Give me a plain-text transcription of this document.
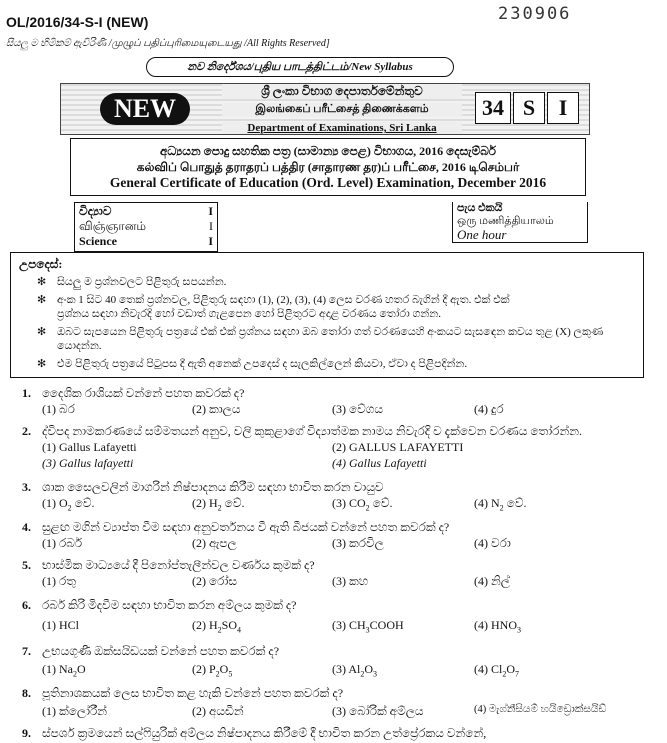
230906
OL/2016/34-S-I (NEW)
සියලු ම හිමිකම් ඇවිරිණි /முழுப் பதிப்புரிமையுடையது /All Rights Reserved]
නව නිර්දේශය/புதிய பாடத்திட்டம்/New Syllabus
NEW
ශ්‍රී ලංකා විභාග දෙපාර්තමේන්තුව
இலங்கைப் பரீட்சைத் திணைக்களம்
Department of Examinations, Sri Lanka
34 S	I
අධ්‍යයන පොදු සහතික පත්‍ර (සාමාන්‍ය පෙළ) විභාගය, 2016 දෙසැම්බර්
கல்விப் பொதுத் தராதரப் பத்திர (சாதாரண தர)ப் பரீட்சை, 2016 டிசெம்பர்
General Certificate of Education (Ord. Level) Examination, December 2016
විද්‍යාව	I
விஞ்ஞானம்	I
Science	I
පැය එකයි
ஒரு மணித்தியாலம்
One hour
උපදෙස්:
✻ සියලු ම ප්‍රශ්නවලට පිළිතුරු සපයන්න.
✻ අංක 1 සිට 40 තෙක් ප්‍රශ්නවල, පිළිතුරු සඳහා (1), (2), (3), (4) ලෙස වරණ හතර බැගින් දී ඇත. එක් එක්
ප්‍රශ්නය සඳහා නිවැරදි හෝ වඩාත් ගැළපෙන හෝ පිළිතුරට අදාළ වරණය තෝරා ගන්න.
✻ ඔබට සැපයෙන පිළිතුරු පත්‍රයේ එක් එක් ප්‍රශ්නය සඳහා ඔබ තෝරා ගත් වරණයෙහි අංකයට සැසඳෙන කවය තුළ (X) ලකුණ
යොදන්න.
✻ එම පිළිතුරු පත්‍රයේ පිටුපස දී ඇති අනෙක් උපදෙස් ද සැලකිල්ලෙන් කියවා, ඒවා ද පිළිපදින්න.
1. දෛශික රාශියක් වන්නේ පහත කවරක් ද?
(1) බර	(2) කාලය	(3) වේගය	(4) දුර
2. ද්විපද නාමකරණයේ සම්මතයන් අනුව, වලි කුකුළාගේ විද්‍යාත්මක නාමය නිවැරදි ව දැක්වෙන වරණය තෝරන්න.
(1) Gallus Lafayetti	(2) GALLUS LAFAYETTI
(3) Gallus lafayetti	(4) Gallus Lafayetti
3. ශාක සෛලවලින් මාගරින් නිෂ්පාදනය කිරීම සඳහා භාවිත කරන වායුව
(1) $O_2$ වේ.	(2) $H_2$ වේ.	(3) $CO_2$ වේ.	(4) $N_2$ වේ.
4. සුළඟ මගින් ව්‍යාප්ත වීම සඳහා අනුවර්තනය වී ඇති බීජයක් වන්නේ පහත කවරක් ද?
(1) රබර්	(2) ඇපල	(3) කරවිල	(4) වරා
5. භාස්මික මාධ්‍යයේ දී පිනෝප්තැලීන්වල වර්ණය කුමක් ද?
(1) රතු	(2) රෝස	(3) කහ	(4) නිල්
6. රබර් කිරි මිදවීම සඳහා භාවිත කරන අම්ලය කුමක් ද?
(1) HCl	(2) $H_2SO_4$	(3) $CH_3COOH$	(4) $HNO_3$
7. උභයගුණී ඔක්සයිඩයක් වන්නේ පහත කවරක් ද?
(1) $Na_2O$	(2) $P_2O_5$	(3) $Al_2O_3$	(4) $Cl_2O_7$
8. පූතිනාශකයක් ලෙස භාවිත කළ හැකි වන්නේ පහත කවරක් ද?
(1) ක්ලෝරීන්	(2) අයඩීන්	(3) බෝරික් අම්ලය	(4) මැග්නීසියම් හයිඩ්‍රොක්සයිඩ්
9. ස්පර්ශ ක්‍රමයෙන් සල්ෆියුරික් අම්ලය නිෂ්පාදනය කිරීමේ දී භාවිත කරන උත්ප්‍රේරකය වන්නේ,
